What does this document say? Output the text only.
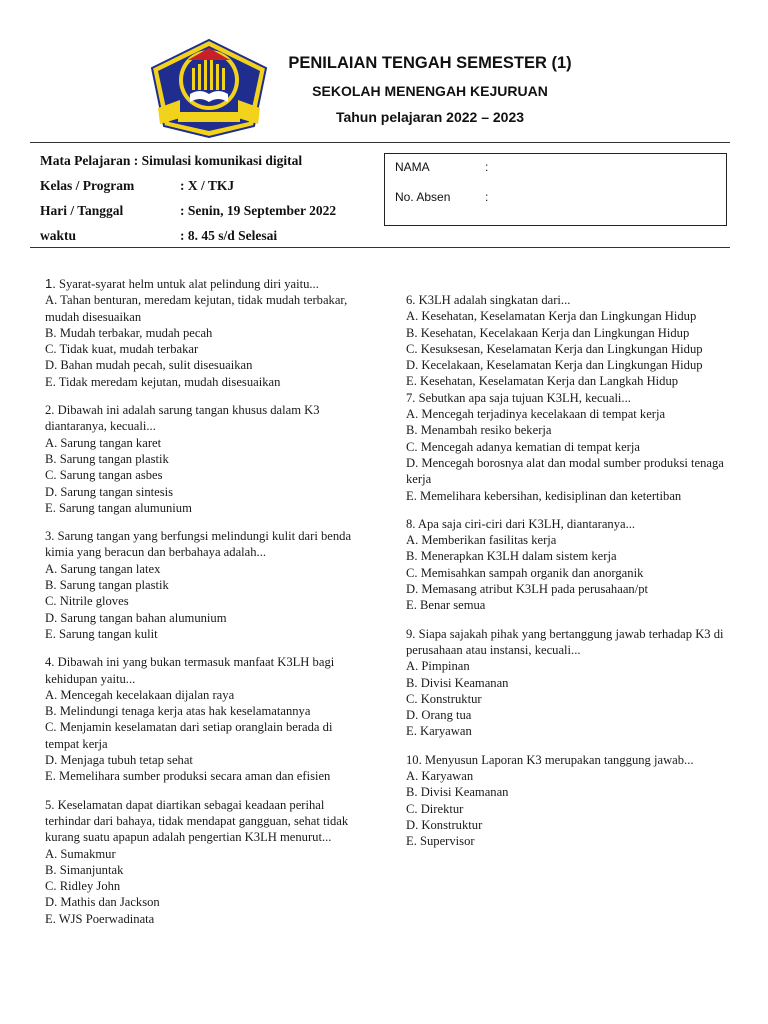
PENILAIAN TENGAH SEMESTER (1)
SEKOLAH MENENGAH KEJURUAN
Tahun pelajaran 2022 – 2023
Mata Pelajaran : Simulasi komunikasi digital
Kelas / Program	: X / TKJ
Hari / Tanggal	: Senin, 19 September 2022
waktu	: 8. 45 s/d Selesai
NAMA	:
No. Absen	:

1. Syarat-syarat helm untuk alat pelindung diri yaitu...

A. Tahan benturan, meredam kejutan, tidak mudah terbakar, mudah disesuaikan

B. Mudah terbakar, mudah pecah

C. Tidak kuat, mudah terbakar

D. Bahan mudah pecah, sulit disesuaikan

E. Tidak meredam kejutan, mudah disesuaikan

2. Dibawah ini adalah sarung tangan khusus dalam K3 diantaranya, kecuali...

A. Sarung tangan karet

B. Sarung tangan plastik

C. Sarung tangan asbes

D. Sarung tangan sintesis

E. Sarung tangan alumunium

3. Sarung tangan yang berfungsi melindungi kulit dari benda kimia yang beracun dan berbahaya adalah...

A. Sarung tangan latex

B. Sarung tangan plastik

C. Nitrile gloves

D. Sarung tangan bahan alumunium

E. Sarung tangan kulit

4. Dibawah ini yang bukan termasuk manfaat K3LH bagi kehidupan yaitu...

A. Mencegah kecelakaan dijalan raya

B. Melindungi tenaga kerja atas hak keselamatannya

C. Menjamin keselamatan dari setiap oranglain berada di tempat kerja

D. Menjaga tubuh tetap sehat

E. Memelihara sumber produksi secara aman dan efisien

5. Keselamatan dapat diartikan sebagai keadaan perihal terhindar dari bahaya, tidak mendapat gangguan, sehat tidak kurang suatu apapun adalah pengertian K3LH menurut...

A. Sumakmur

B. Simanjuntak

C. Ridley John

D. Mathis dan Jackson

E. WJS Poerwadinata

6. K3LH adalah singkatan dari...

A. Kesehatan, Keselamatan Kerja dan Lingkungan Hidup

B. Kesehatan, Kecelakaan Kerja dan Lingkungan Hidup

C. Kesuksesan, Keselamatan Kerja dan Lingkungan Hidup

D. Kecelakaan, Keselamatan Kerja dan Lingkungan Hidup

E. Kesehatan, Keselamatan Kerja dan Langkah Hidup

7. Sebutkan apa saja tujuan K3LH, kecuali...

A. Mencegah terjadinya kecelakaan di tempat kerja

B. Menambah resiko bekerja

C. Mencegah adanya kematian di tempat kerja

D. Mencegah borosnya alat dan modal sumber produksi tenaga kerja

E. Memelihara kebersihan, kedisiplinan dan ketertiban

8. Apa saja ciri-ciri dari K3LH, diantaranya...

A. Memberikan fasilitas kerja

B. Menerapkan K3LH dalam sistem kerja

C. Memisahkan sampah organik dan anorganik

D. Memasang atribut K3LH pada perusahaan/pt

E. Benar semua

9. Siapa sajakah pihak yang bertanggung jawab terhadap K3 di perusahaan atau instansi, kecuali...

A. Pimpinan

B. Divisi Keamanan

C. Konstruktur

D. Orang tua

E. Karyawan

10. Menyusun Laporan K3 merupakan tanggung jawab...

A. Karyawan

B. Divisi Keamanan

C. Direktur

D. Konstruktur

E. Supervisor
